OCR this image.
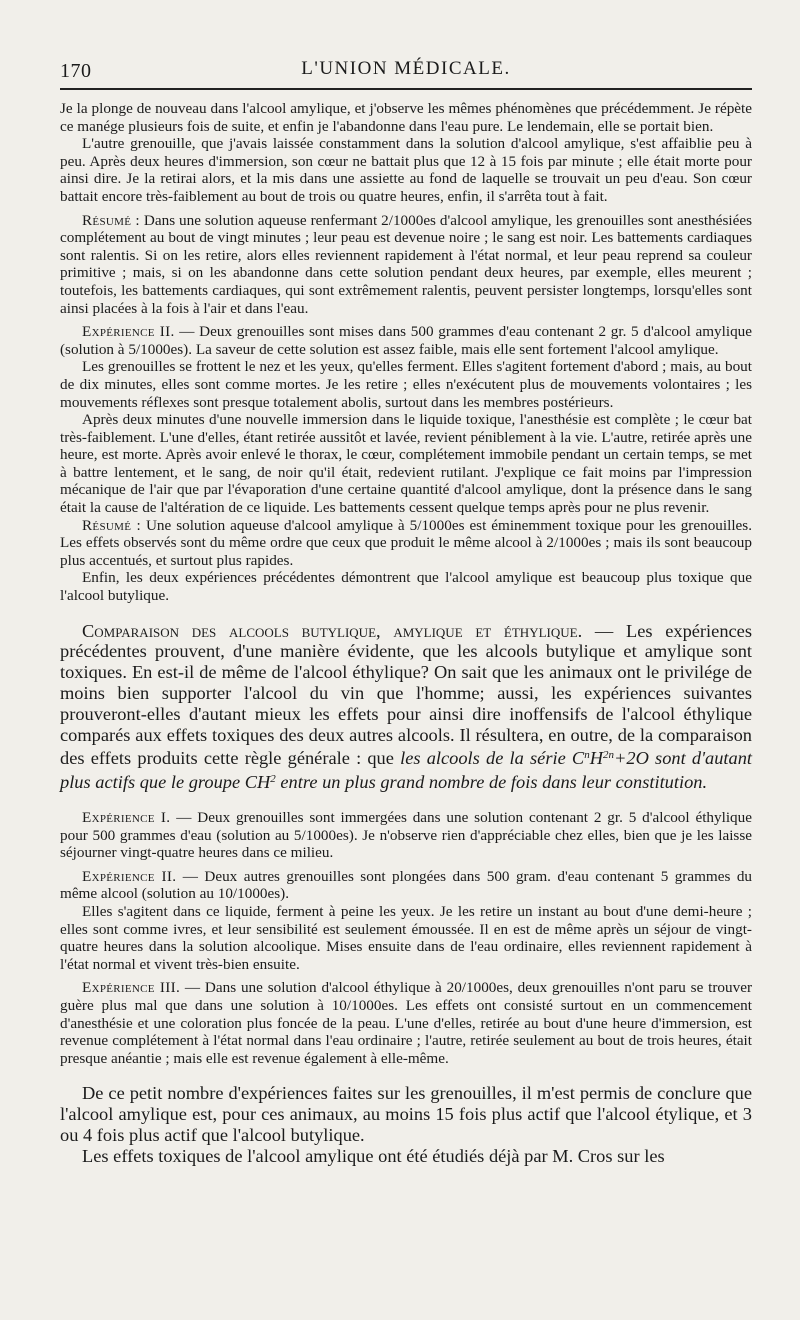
170	L'UNION MÉDICALE.

Je la plonge de nouveau dans l'alcool amylique, et j'observe les mêmes phénomènes que précédemment. Je répète ce manége plusieurs fois de suite, et enfin je l'abandonne dans l'eau pure. Le lendemain, elle se portait bien.

L'autre grenouille, que j'avais laissée constamment dans la solution d'alcool amylique, s'est affaiblie peu à peu. Après deux heures d'immersion, son cœur ne battait plus que 12 à 15 fois par minute ; elle était morte pour ainsi dire. Je la retirai alors, et la mis dans une assiette au fond de laquelle se trouvait un peu d'eau. Son cœur battait encore très-faiblement au bout de trois ou quatre heures, enfin, il s'arrêta tout à fait.

Résumé : Dans une solution aqueuse renfermant 2/1000es d'alcool amylique, les grenouilles sont anesthésiées complétement au bout de vingt minutes ; leur peau est devenue noire ; le sang est noir. Les battements cardiaques sont ralentis. Si on les retire, alors elles reviennent rapidement à l'état normal, et leur peau reprend sa couleur primitive ; mais, si on les abandonne dans cette solution pendant deux heures, par exemple, elles meurent ; toutefois, les battements cardiaques, qui sont extrêmement ralentis, peuvent persister longtemps, lorsqu'elles sont ainsi placées à la fois à l'air et dans l'eau.

Expérience II. — Deux grenouilles sont mises dans 500 grammes d'eau contenant 2 gr. 5 d'alcool amylique (solution à 5/1000es). La saveur de cette solution est assez faible, mais elle sent fortement l'alcool amylique.

Les grenouilles se frottent le nez et les yeux, qu'elles ferment. Elles s'agitent fortement d'abord ; mais, au bout de dix minutes, elles sont comme mortes. Je les retire ; elles n'exécutent plus de mouvements volontaires ; les mouvements réflexes sont presque totalement abolis, surtout dans les membres postérieurs.

Après deux minutes d'une nouvelle immersion dans le liquide toxique, l'anesthésie est complète ; le cœur bat très-faiblement. L'une d'elles, étant retirée aussitôt et lavée, revient péniblement à la vie. L'autre, retirée après une heure, est morte. Après avoir enlevé le thorax, le cœur, complétement immobile pendant un certain temps, se met à battre lentement, et le sang, de noir qu'il était, redevient rutilant. J'explique ce fait moins par l'impression mécanique de l'air que par l'évaporation d'une certaine quantité d'alcool amylique, dont la présence dans le sang était la cause de l'altération de ce liquide. Les battements cessent quelque temps après pour ne plus revenir.

Résumé : Une solution aqueuse d'alcool amylique à 5/1000es est éminemment toxique pour les grenouilles. Les effets observés sont du même ordre que ceux que produit le même alcool à 2/1000es ; mais ils sont beaucoup plus accentués, et surtout plus rapides.

Enfin, les deux expériences précédentes démontrent que l'alcool amylique est beaucoup plus toxique que l'alcool butylique.

Comparaison des alcools butylique, amylique et éthylique. — Les expériences précédentes prouvent, d'une manière évidente, que les alcools butylique et amylique sont toxiques. En est-il de même de l'alcool éthylique? On sait que les animaux ont le privilége de moins bien supporter l'alcool du vin que l'homme; aussi, les expériences suivantes prouveront-elles d'autant mieux les effets pour ainsi dire inoffensifs de l'alcool éthylique comparés aux effets toxiques des deux autres alcools. Il résultera, en outre, de la comparaison des effets produits cette règle générale : que les alcools de la série $C^nH^{2n}+2O$ sont d'autant plus actifs que le groupe $CH^2$ entre un plus grand nombre de fois dans leur constitution.

Expérience I. — Deux grenouilles sont immergées dans une solution contenant 2 gr. 5 d'alcool éthylique pour 500 grammes d'eau (solution au 5/1000es). Je n'observe rien d'appréciable chez elles, bien que je les laisse séjourner vingt-quatre heures dans ce milieu.

Expérience II. — Deux autres grenouilles sont plongées dans 500 gram. d'eau contenant 5 grammes du même alcool (solution au 10/1000es).

Elles s'agitent dans ce liquide, ferment à peine les yeux. Je les retire un instant au bout d'une demi-heure ; elles sont comme ivres, et leur sensibilité est seulement émoussée. Il en est de même après un séjour de vingt-quatre heures dans la solution alcoolique. Mises ensuite dans de l'eau ordinaire, elles reviennent rapidement à l'état normal et vivent très-bien ensuite.

Expérience III. — Dans une solution d'alcool éthylique à 20/1000es, deux grenouilles n'ont paru se trouver guère plus mal que dans une solution à 10/1000es. Les effets ont consisté surtout en un commencement d'anesthésie et une coloration plus foncée de la peau. L'une d'elles, retirée au bout d'une heure d'immersion, est revenue complétement à l'état normal dans l'eau ordinaire ; l'autre, retirée seulement au bout de trois heures, était presque anéantie ; mais elle est revenue également à elle-même.

De ce petit nombre d'expériences faites sur les grenouilles, il m'est permis de conclure que l'alcool amylique est, pour ces animaux, au moins 15 fois plus actif que l'alcool étylique, et 3 ou 4 fois plus actif que l'alcool butylique.

Les effets toxiques de l'alcool amylique ont été étudiés déjà par M. Cros sur les
